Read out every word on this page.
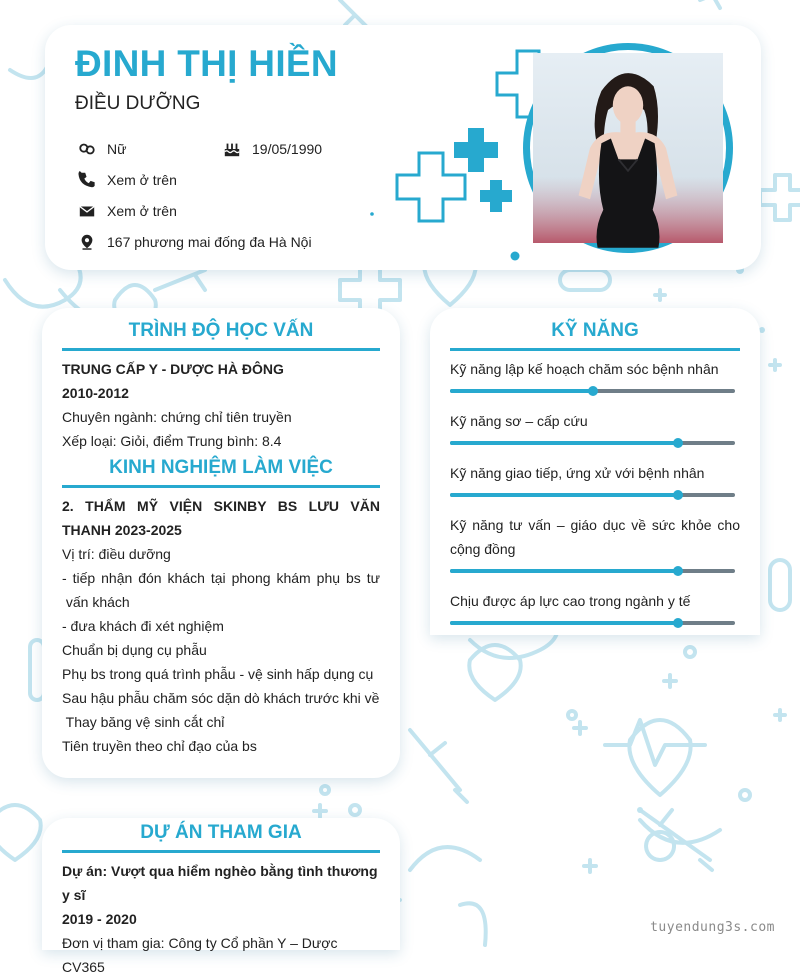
ĐINH THỊ HIỀN
ĐIỀU DƯỠNG
Nữ	19/05/1990
Xem ở trên
Xem ở trên
167 phương mai đống đa Hà Nội
TRÌNH ĐỘ HỌC VẤN
TRUNG CẤP Y - DƯỢC HÀ ĐÔNG
2010-2012
Chuyên ngành: chứng chỉ tiên truyền
Xếp loại: Giỏi, điểm Trung bình: 8.4
KINH NGHIỆM LÀM VIỆC
2. THẨM MỸ VIỆN SKINBY BS LƯU VĂN
THANH 2023-2025
Vị trí: điều dưỡng
- tiếp nhận đón khách tại phong khám phụ bs tư
vấn khách
- đưa khách đi xét nghiệm
Chuẩn bị dụng cụ phẫu
Phụ bs trong quá trình phẫu - vệ sinh hấp dụng cụ
Sau hậu phẫu chăm sóc dặn dò khách trước khi về
Thay băng vệ sinh cắt chỉ
Tiên truyền theo chỉ đạo của bs
KỸ NĂNG
Kỹ năng lập kế hoạch chăm sóc bệnh nhân
Kỹ năng sơ – cấp cứu
Kỹ năng giao tiếp, ứng xử với bệnh nhân
Kỹ năng tư vấn – giáo dục về sức khỏe cho
cộng đồng
Chịu được áp lực cao trong ngành y tế
DỰ ÁN THAM GIA
Dự án: Vượt qua hiểm nghèo bằng tình thương y sĩ
2019 - 2020
Đơn vị tham gia: Công ty Cổ phần Y – Dược CV365
tuyendung3s.com
